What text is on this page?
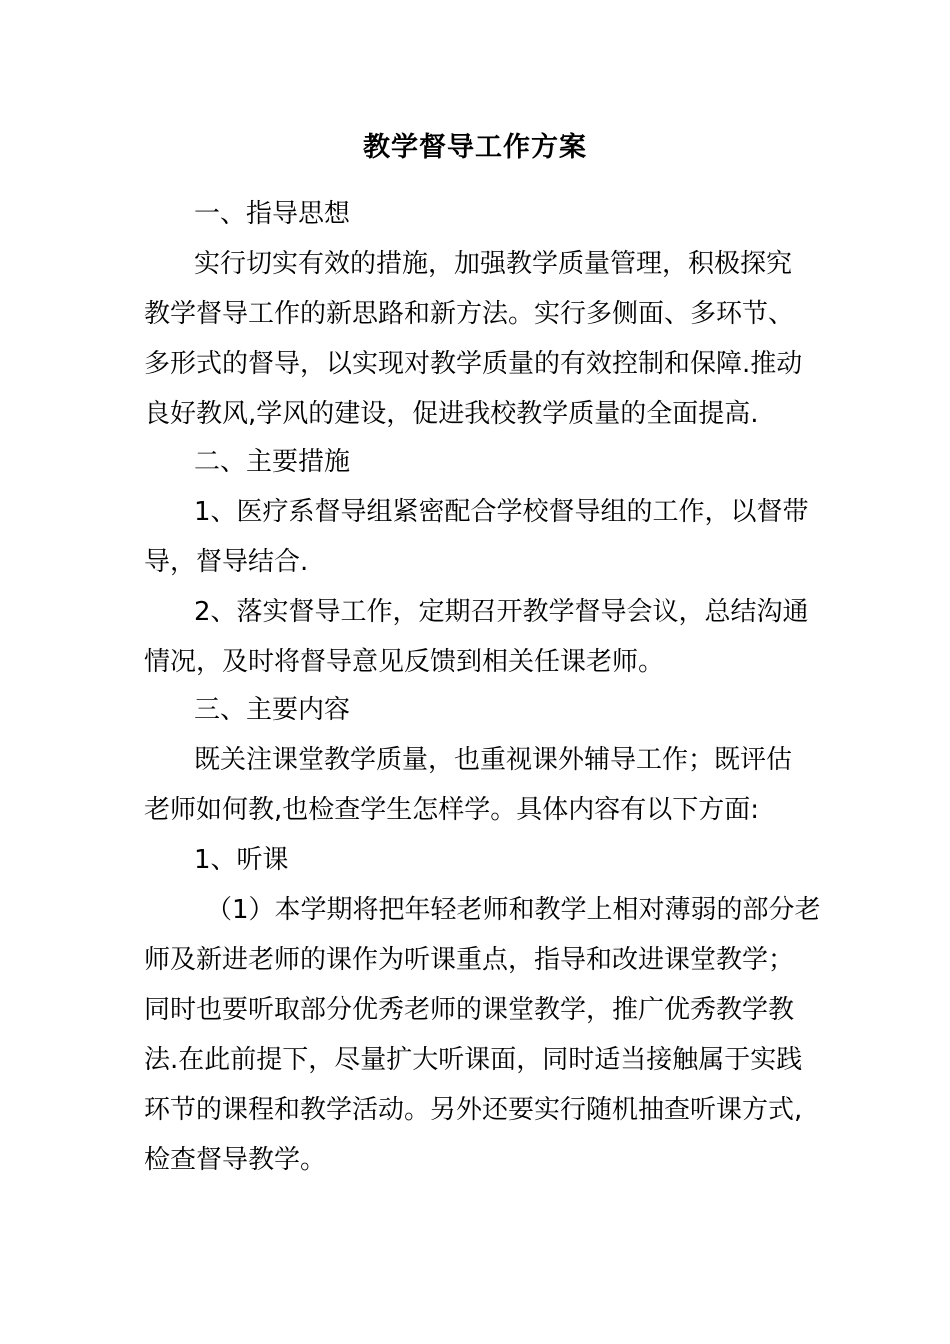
教学督导工作方案
一、指导思想
实行切实有效的措施，加强教学质量管理，积极探究
教学督导工作的新思路和新方法。实行多侧面、多环节、
多形式的督导，以实现对教学质量的有效控制和保障.推动
良好教风,学风的建设，促进我校教学质量的全面提高.
二、主要措施
1、医疗系督导组紧密配合学校督导组的工作，以督带
导，督导结合.
2、落实督导工作，定期召开教学督导会议，总结沟通
情况，及时将督导意见反馈到相关任课老师。
三、主要内容
既关注课堂教学质量，也重视课外辅导工作；既评估
老师如何教,也检查学生怎样学。具体内容有以下方面:
1、听课
（1）本学期将把年轻老师和教学上相对薄弱的部分老
师及新进老师的课作为听课重点，指导和改进课堂教学；
同时也要听取部分优秀老师的课堂教学，推广优秀教学教
法.在此前提下，尽量扩大听课面，同时适当接触属于实践
环节的课程和教学活动。另外还要实行随机抽查听课方式,
检查督导教学。
